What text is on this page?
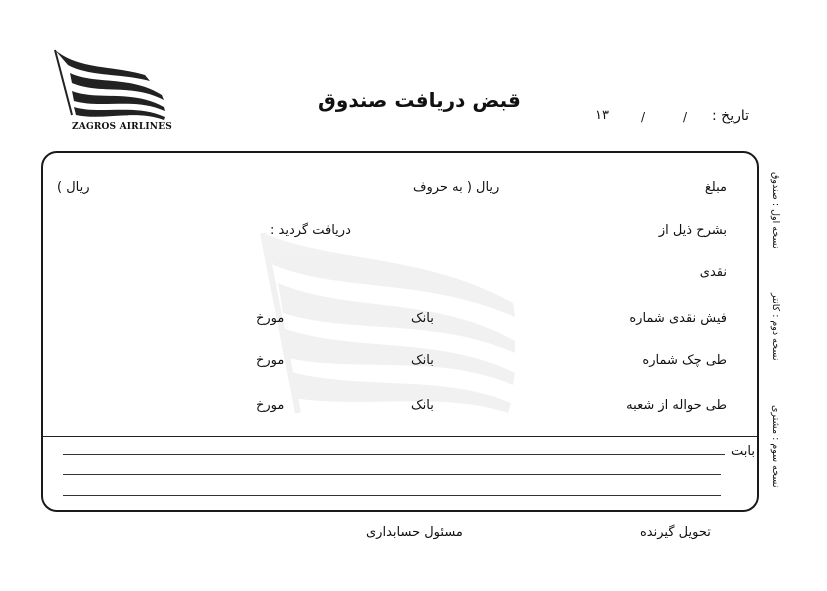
ZAGROS AIRLINES
قبض دریافت صندوق
تاریخ :
/
/
۱۳
مبلغ
ریال ( به حروف
ریال )
بشرح ذیل از
دریافت گردید :
نقدی
فیش نقدی شماره
بانک
مورخ
طی چک شماره
بانک
مورخ
طی حواله از شعبه
بانک
مورخ
بابت
نسخه اول : صندوق
نسخه دوم : کانتر
نسخه سوم : مشتری
تحویل گیرنده
مسئول حسابداری
